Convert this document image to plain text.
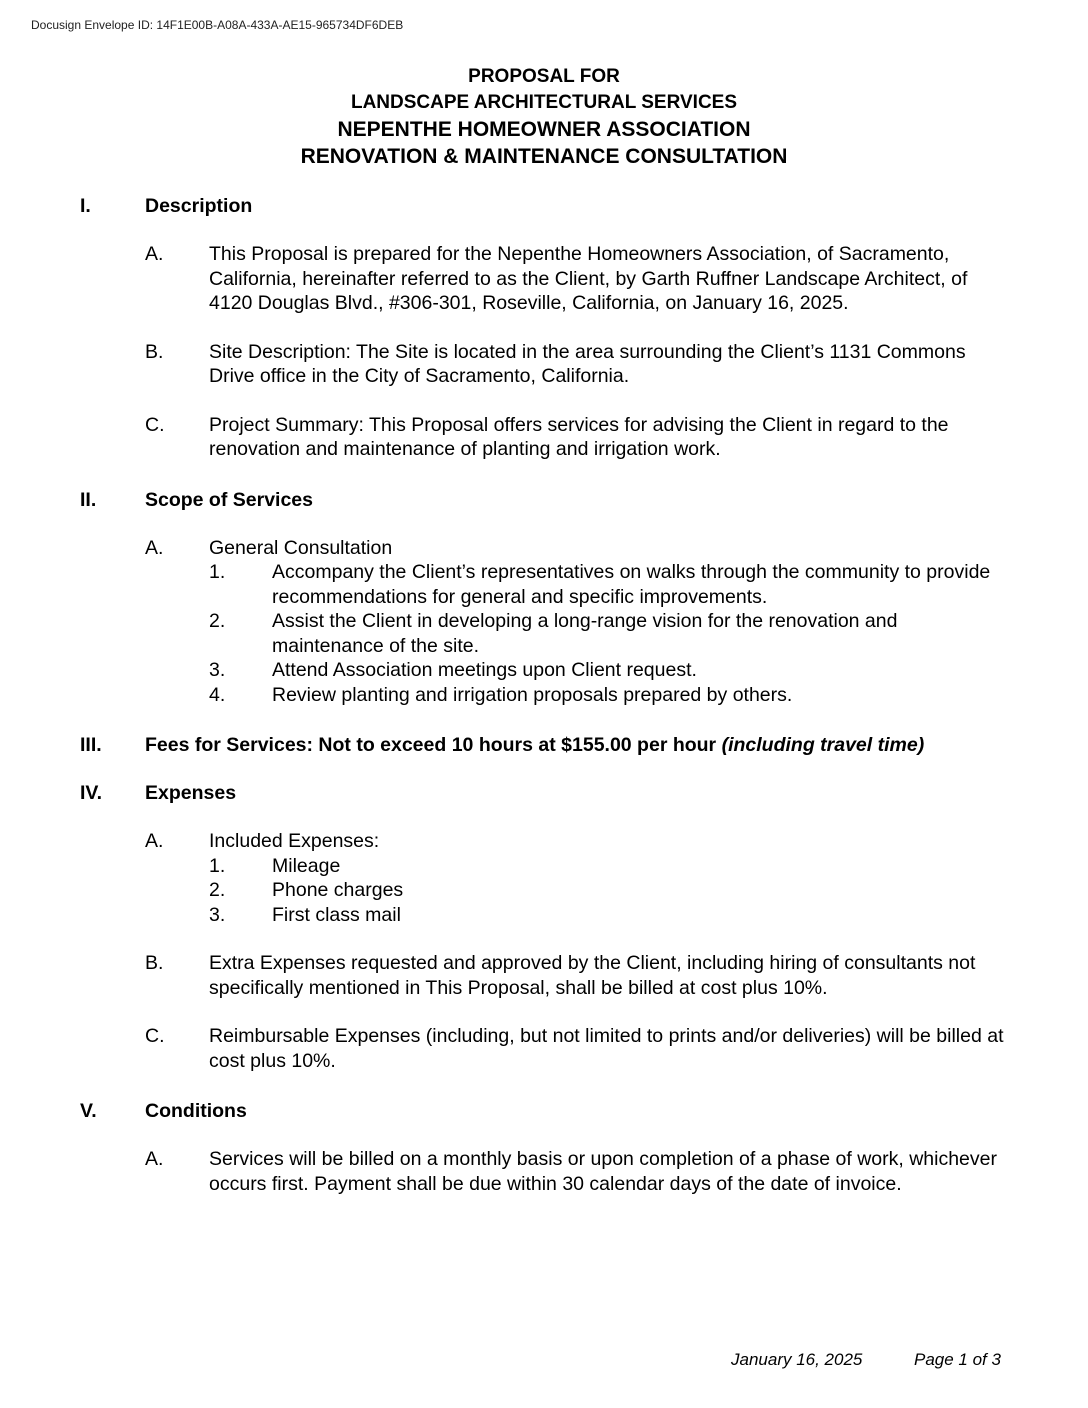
Docusign Envelope ID: 14F1E00B-A08A-433A-AE15-965734DF6DEB
PROPOSAL FOR
LANDSCAPE ARCHITECTURAL SERVICES
NEPENTHE HOMEOWNER ASSOCIATION
RENOVATION & MAINTENANCE CONSULTATION
I.	Description
A. This Proposal is prepared for the Nepenthe Homeowners Association, of Sacramento, California, hereinafter referred to as the Client, by Garth Ruffner Landscape Architect, of 4120 Douglas Blvd., #306-301, Roseville, California, on January 16, 2025.
B. Site Description: The Site is located in the area surrounding the Client’s 1131 Commons Drive office in the City of Sacramento, California.
C. Project Summary: This Proposal offers services for advising the Client in regard to the renovation and maintenance of planting and irrigation work.
II. Scope of Services
A. General Consultation
1. Accompany the Client’s representatives on walks through the community to provide recommendations for general and specific improvements.
2. Assist the Client in developing a long-range vision for the renovation and maintenance of the site.
3. Attend Association meetings upon Client request.
4. Review planting and irrigation proposals prepared by others.
III. Fees for Services: Not to exceed 10 hours at $155.00 per hour (including travel time)
IV. Expenses
A. Included Expenses:
1. Mileage
2. Phone charges
3. First class mail
B. Extra Expenses requested and approved by the Client, including hiring of consultants not specifically mentioned in This Proposal, shall be billed at cost plus 10%.
C. Reimbursable Expenses (including, but not limited to prints and/or deliveries) will be billed at cost plus 10%.
V. Conditions
A. Services will be billed on a monthly basis or upon completion of a phase of work, whichever occurs first. Payment shall be due within 30 calendar days of the date of invoice.
January 16, 2025	Page 1 of 3
